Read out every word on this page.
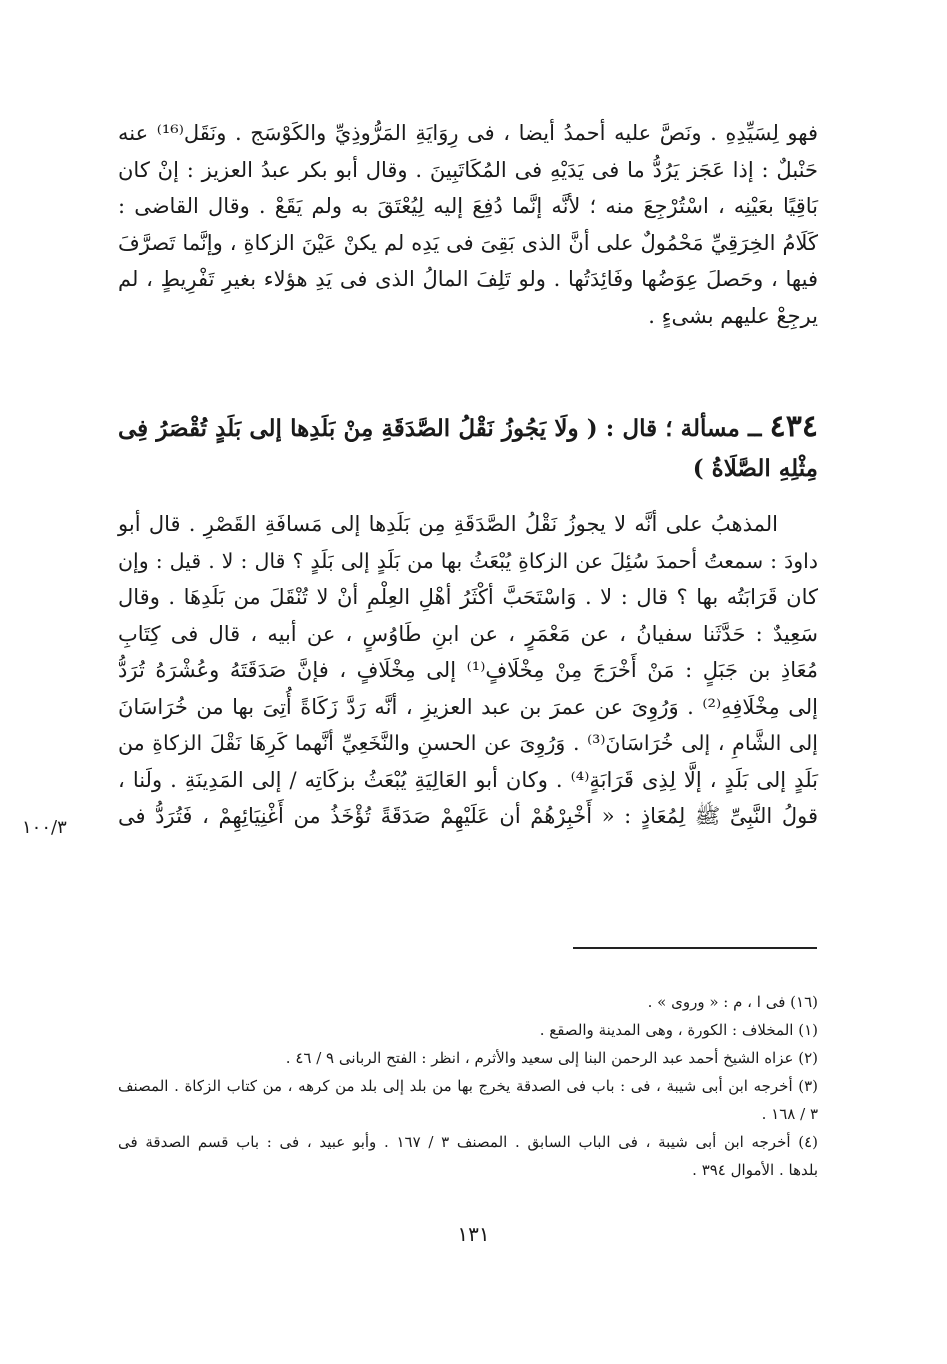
فهو لِسَيِّدِهِ . ونَصَّ عليه أحمدُ أيضا ، فى رِوَايَةِ المَرُّوذِيِّ والكَوْسَج . ونَقَل⁽¹⁶⁾ عنه
حَنْبلٌ : إذا عَجَز يَرُدُّ ما فى يَدَيْهِ فى المُكَاتَبِينَ . وقال أبو بكر عبدُ العزيز : إنْ كان
بَاقِيًا بعَيْنِه ، اسْتُرْجِعَ منه ؛ لأنَّه إنَّما دُفِعَ إليه لِيُعْتَقَ به ولم يَقَعْ . وقال القاضى :
كَلَامُ الخِرَقِيِّ مَحْمُولٌ على أنَّ الذى بَقِىَ فى يَدِه لم يكنْ عَيْنَ الزكاةِ ، وإنَّما تَصرَّفَ
فيها ، وحَصلَ عِوَضُها وفَائِدَتُها . ولو تَلِفَ المالُ الذى فى يَدِ هؤلاء بغيرِ تَفْرِيطٍ ، لم
يرجِعْ عليهم بشىءٍ .
٤٣٤ ــ مسألة ؛ قال : ( ولَا يَجُوزُ نَقْلُ الصَّدَقَةِ مِنْ بَلَدِها إلى بَلَدٍ تُقْصَرُ فِى
مِثْلِهِ الصَّلَاةُ )
المذهبُ على أنَّه لا يجوزُ نَقْلُ الصَّدَقَةِ مِن بَلَدِها إلى مَسافَةِ القَصْرِ . قال أبو
داودَ : سمعتُ أحمدَ سُئِلَ عن الزكاةِ يُبْعَثُ بها من بَلَدٍ إلى بَلَدٍ ؟ قال : لا . قيل : وإن
كان قَرَابَتُه بها ؟ قال : لا . وَاسْتَحَبَّ أكْثَرُ أهْلِ العِلْمِ أنْ لا تُنْقَلَ من بَلَدِهَا . وقال
سَعِيدٌ : حَدَّثَنا سفيانُ ، عن مَعْمَرٍ ، عن ابنِ طَاوُسٍ ، عن أبيه ، قال فى كِتَابِ
مُعَاذِ بن جَبَلٍ : مَنْ أَخْرَجَ مِنْ مِخْلَافٍ⁽¹⁾ إلى مِخْلَافٍ ، فإنَّ صَدَقَتَهُ وعُشْرَهُ تُرَدُّ
إلى مِخْلَافِهِ⁽²⁾ . وَرُوِىَ عن عمرَ بن عبد العزيزِ ، أنَّه رَدَّ زَكَاةً أُتِىَ بها من خُرَاسَانَ
إلى الشَّامِ ، إلى خُرَاسَانَ⁽³⁾ . وَرُوِىَ عن الحسنِ والنَّخَعِيِّ أنَّهما كَرِهَا نَقْلَ الزكاةِ من
بَلَدٍ إلى بَلَدٍ ، إلَّا لِذِى قَرَابَةٍ⁽⁴⁾ . وكان أبو العَالِيَةِ يُبْعَثُ بزكَاتِه / إلى المَدِينَةِ . ولَنا ،
قولُ النَّبِىِّ ﷺ لِمُعَاذٍ : « أَخْبِرْهُمْ أن عَلَيْهِمْ صَدَقَةً تُؤْخَذُ من أَغْنِيَائِهِمْ ، فَتُرَدُّ فى
١٠٠/٣
(١٦) فى ا ، م : « وروى » .
(١) المخلاف : الكورة ، وهى المدينة والصقع .
(٢) عزاه الشيخ أحمد عبد الرحمن البنا إلى سعيد والأثرم ، انظر : الفتح الربانى ٩ / ٤٦ .
(٣) أخرجه ابن أبى شيبة ، فى : باب فى الصدقة يخرج بها من بلد إلى بلد من كرهه ، من كتاب الزكاة . المصنف
٣ / ١٦٨ .
(٤) أخرجه ابن أبى شيبة ، فى الباب السابق . المصنف ٣ / ١٦٧ . وأبو عبيد ، فى : باب قسم الصدقة فى
بلدها . الأموال ٣٩٤ .
١٣١
